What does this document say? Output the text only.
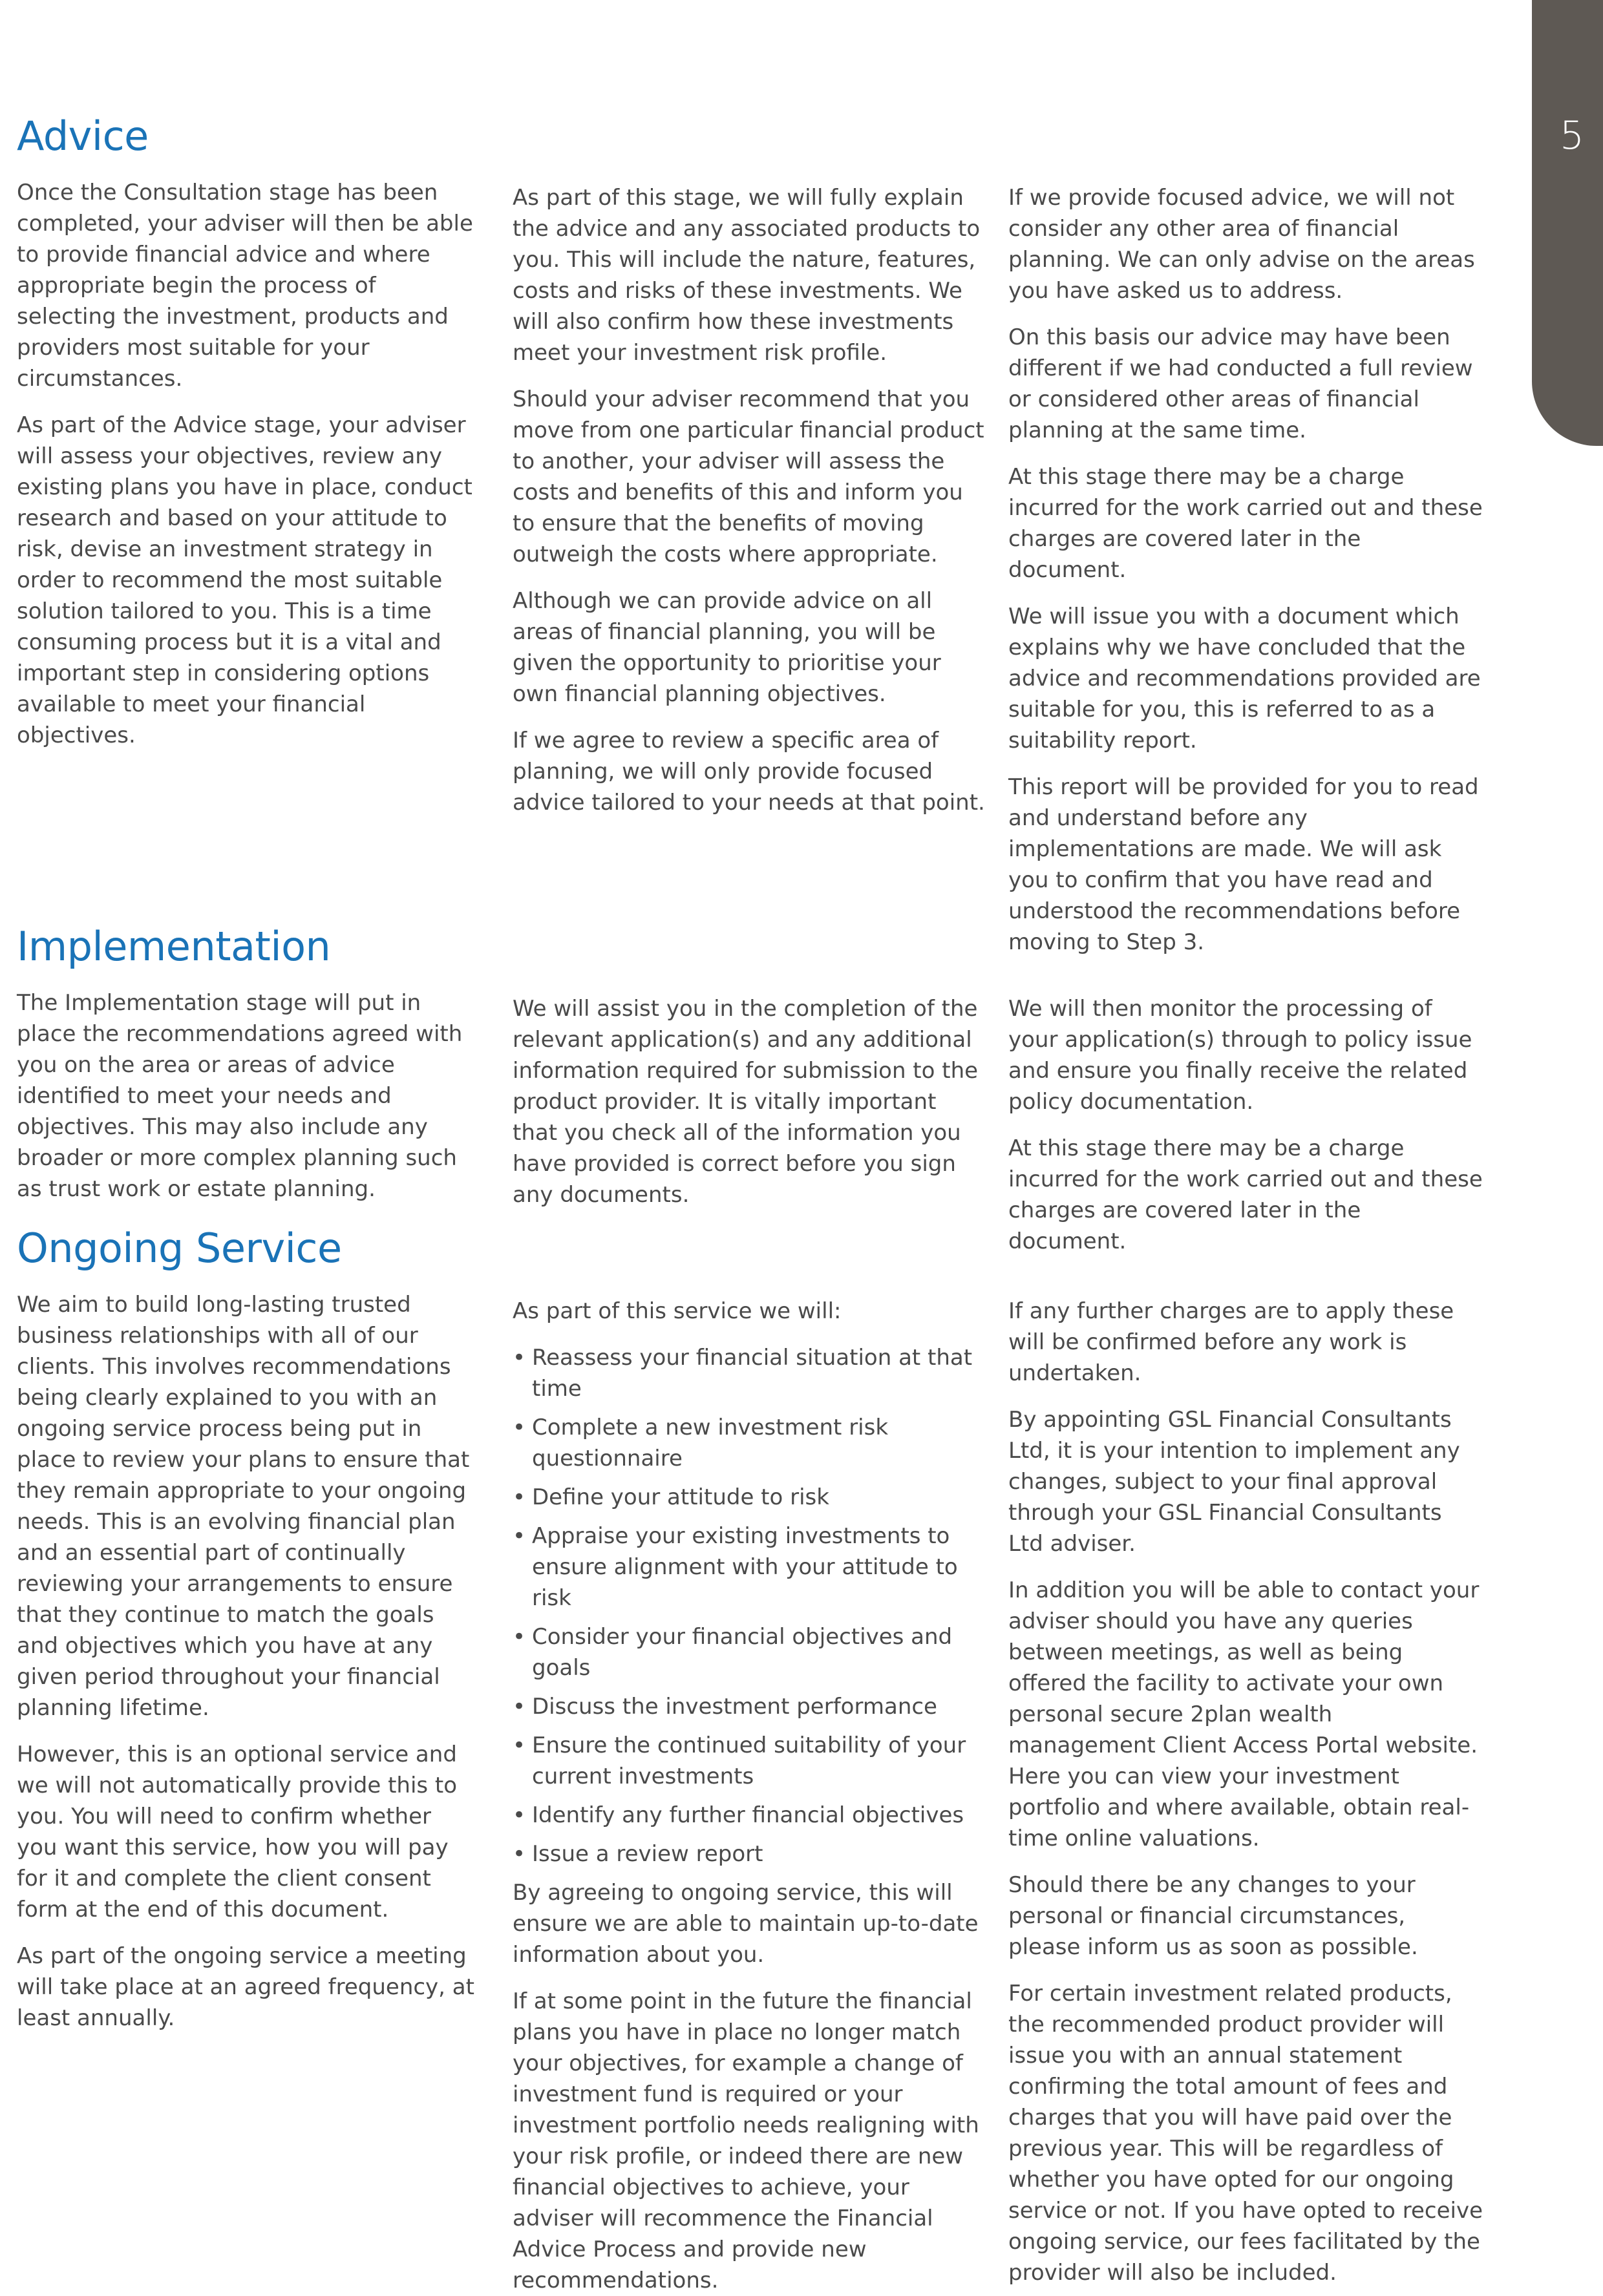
5
Advice

Once the Consultation stage has been completed, your adviser will then be able to provide financial advice and where appropriate begin the process of selecting the investment, products and providers most suitable for your circumstances.

As part of the Advice stage, your adviser will assess your objectives, review any existing plans you have in place, conduct research and based on your attitude to risk, devise an investment strategy in order to recommend the most suitable solution tailored to you. This is a time consuming process but it is a vital and important step in considering options available to meet your financial objectives.

As part of this stage, we will fully explain the advice and any associated products to you. This will include the nature, features, costs and risks of these investments. We will also confirm how these investments meet your investment risk profile.

Should your adviser recommend that you move from one particular financial product to another, your adviser will assess the costs and benefits of this and inform you to ensure that the benefits of moving outweigh the costs where appropriate.

Although we can provide advice on all areas of financial planning, you will be given the opportunity to prioritise your own financial planning objectives.

If we agree to review a specific area of planning, we will only provide focused advice tailored to your needs at that point.

If we provide focused advice, we will not consider any other area of financial planning. We can only advise on the areas you have asked us to address.

On this basis our advice may have been different if we had conducted a full review or considered other areas of financial planning at the same time.

At this stage there may be a charge incurred for the work carried out and these charges are covered later in the document.

We will issue you with a document which explains why we have concluded that the advice and recommendations provided are suitable for you, this is referred to as a suitability report.

This report will be provided for you to read and understand before any implementations are made. We will ask you to confirm that you have read and understood the recommendations before moving to Step 3.

Implementation

The Implementation stage will put in place the recommendations agreed with you on the area or areas of advice identified to meet your needs and objectives. This may also include any broader or more complex planning such as trust work or estate planning.

We will assist you in the completion of the relevant application(s) and any additional information required for submission to the product provider. It is vitally important that you check all of the information you have provided is correct before you sign any documents.

We will then monitor the processing of your application(s) through to policy issue and ensure you finally receive the related policy documentation.

At this stage there may be a charge incurred for the work carried out and these charges are covered later in the document.

Ongoing Service

We aim to build long-lasting trusted business relationships with all of our clients. This involves recommendations being clearly explained to you with an ongoing service process being put in place to review your plans to ensure that they remain appropriate to your ongoing needs. This is an evolving financial plan and an essential part of continually reviewing your arrangements to ensure that they continue to match the goals and objectives which you have at any given period throughout your financial planning lifetime.

However, this is an optional service and we will not automatically provide this to you. You will need to confirm whether you want this service, how you will pay for it and complete the client consent form at the end of this document.

As part of the ongoing service a meeting will take place at an agreed frequency, at least annually.

As part of this service we will:

• Reassess your financial situation at that time
• Complete a new investment risk questionnaire
• Define your attitude to risk
• Appraise your existing investments to ensure alignment with your attitude to risk
• Consider your financial objectives and goals
• Discuss the investment performance
• Ensure the continued suitability of your current investments
• Identify any further financial objectives
• Issue a review report

By agreeing to ongoing service, this will ensure we are able to maintain up-to-date information about you.

If at some point in the future the financial plans you have in place no longer match your objectives, for example a change of investment fund is required or your investment portfolio needs realigning with your risk profile, or indeed there are new financial objectives to achieve, your adviser will recommence the Financial Advice Process and provide new recommendations.

If any further charges are to apply these will be confirmed before any work is undertaken.

By appointing GSL Financial Consultants Ltd, it is your intention to implement any changes, subject to your final approval through your GSL Financial Consultants Ltd adviser.

In addition you will be able to contact your adviser should you have any queries between meetings, as well as being offered the facility to activate your own personal secure 2plan wealth management Client Access Portal website. Here you can view your investment portfolio and where available, obtain real-time online valuations.

Should there be any changes to your personal or financial circumstances, please inform us as soon as possible.

For certain investment related products, the recommended product provider will issue you with an annual statement confirming the total amount of fees and charges that you will have paid over the previous year. This will be regardless of whether you have opted for our ongoing service or not. If you have opted to receive ongoing service, our fees facilitated by the provider will also be included.
